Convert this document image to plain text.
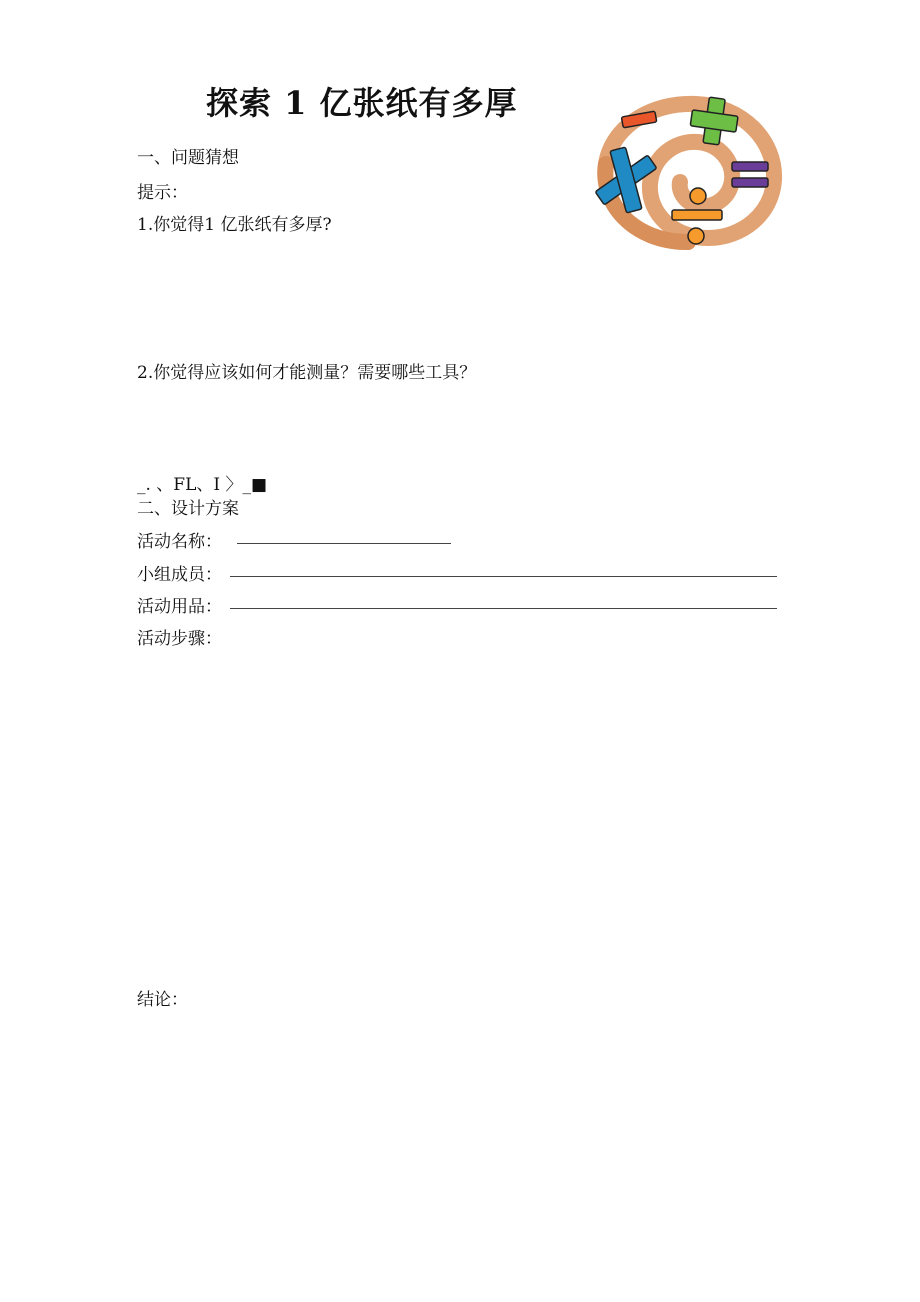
探索 1 亿张纸有多厚
一、问题猜想
提示：
1.你觉得1 亿张纸有多厚?
2.你觉得应该如何才能测量？需要哪些工具？
_. 、FL、I 〉_■
二、设计方案
活动名称：
小组成员：
活动用品：
活动步骤：
结论：
